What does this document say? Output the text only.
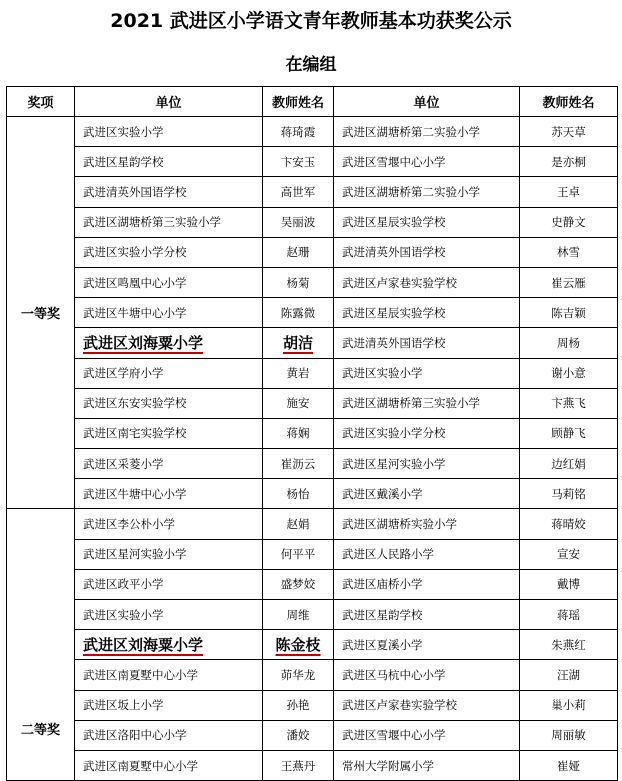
2021 武进区小学语文青年教师基本功获奖公示
在编组
奖项	单位	教师姓名	单位	教师姓名
一等奖	武进区实验小学	蒋琦霞	武进区湖塘桥第二实验小学	苏天草
	武进区星韵学校	卞安玉	武进区雪堰中心小学	是亦桐
	武进清英外国语学校	高世军	武进区湖塘桥第二实验小学	王卓
	武进区湖塘桥第三实验小学	吴丽波	武进区星辰实验学校	史静文
	武进区实验小学分校	赵珊	武进清英外国语学校	林雪
	武进区鸣凰中心小学	杨菊	武进区卢家巷实验学校	崔云雁
	武进区牛塘中心小学	陈露微	武进区星辰实验学校	陈吉颖
	武进区刘海粟小学	胡洁	武进清英外国语学校	周杨
	武进区学府小学	黄岩	武进区实验小学	谢小意
	武进区东安实验学校	施安	武进区湖塘桥第三实验小学	卞燕飞
	武进区南宅实验学校	蒋娴	武进区实验小学分校	顾静飞
	武进区采菱小学	崔沥云	武进区星河实验小学	边红娟
	武进区牛塘中心小学	杨怡	武进区戴溪小学	马莉铭
二等奖	武进区李公朴小学	赵娟	武进区湖塘桥实验小学	蒋晴姣
	武进区星河实验小学	何平平	武进区人民路小学	宣安
	武进区政平小学	盛梦姣	武进区庙桥小学	戴博
	武进区实验小学	周维	武进区星韵学校	蒋瑶
	武进区刘海粟小学	陈金枝	武进区夏溪小学	朱燕红
	武进区南夏墅中心小学	茆华龙	武进区马杭中心小学	汪湖
	武进区坂上小学	孙艳	武进区卢家巷实验学校	巢小莉
	武进区洛阳中心小学	潘姣	武进区雪堰中心小学	周丽敏
	武进区南夏墅中心小学	王燕丹	常州大学附属小学	崔娅
